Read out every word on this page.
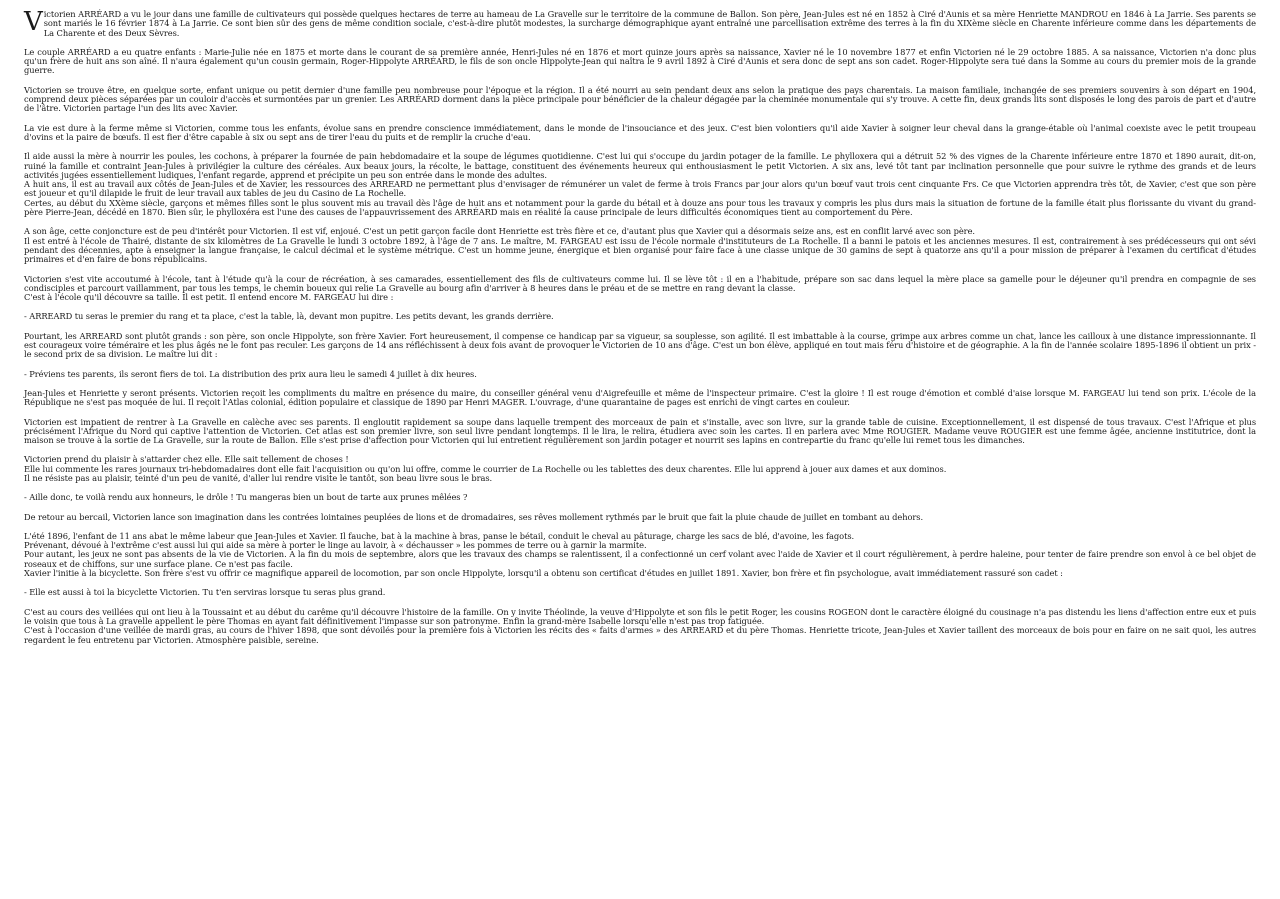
Victorien ARRÉARD a vu le jour dans une famille de cultivateurs qui possède quelques hectares de terre au hameau de La Gravelle sur le territoire de la commune de Ballon. Son père, Jean-Jules est né en 1852 à Ciré d'Aunis et sa mère Henriette MANDROU en 1846 à La Jarrie. Ses parents se sont mariés le 16 février 1874 à La Jarrie. Ce sont bien sûr des gens de même condition sociale, c'est-à-dire plutôt modestes, la surcharge démographique ayant entraîné une parcellisation extrême des terres à la fin du XIXème siècle en Charente inférieure comme dans les départements de La Charente et des Deux Sèvres.

Le couple ARRÉARD a eu quatre enfants : Marie-Julie née en 1875 et morte dans le courant de sa première année, Henri-Jules né en 1876 et mort quinze jours après sa naissance, Xavier né le 10 novembre 1877 et enfin Victorien né le 29 octobre 1885. A sa naissance, Victorien n'a donc plus qu'un frère de huit ans son aîné. Il n'aura également qu'un cousin germain, Roger-Hippolyte ARRÉARD, le fils de son oncle Hippolyte-Jean qui naîtra le 9 avril 1892 à Ciré d'Aunis et sera donc de sept ans son cadet. Roger-Hippolyte sera tué dans la Somme au cours du premier mois de la grande guerre.

Victorien se trouve être, en quelque sorte, enfant unique ou petit dernier d'une famille peu nombreuse pour l'époque et la région. Il a été nourri au sein pendant deux ans selon la pratique des pays charentais. La maison familiale, inchangée de ses premiers souvenirs à son départ en 1904, comprend deux pièces séparées par un couloir d'accès et surmontées par un grenier. Les ARRÉARD dorment dans la pièce principale pour bénéficier de la chaleur dégagée par la cheminée monumentale qui s'y trouve. A cette fin, deux grands lits sont disposés le long des parois de part et d'autre de l'âtre. Victorien partage l'un des lits avec Xavier.

La vie est dure à la ferme même si Victorien, comme tous les enfants, évolue sans en prendre conscience immédiatement, dans le monde de l'insouciance et des jeux. C'est bien volontiers qu'il aide Xavier à soigner leur cheval dans la grange-étable où l'animal coexiste avec le petit troupeau d'ovins et la paire de bœufs. Il est fier d'être capable à six ou sept ans de tirer l'eau du puits et de remplir la cruche d'eau.

Il aide aussi la mère à nourrir les poules, les cochons, à préparer la fournée de pain hebdomadaire et la soupe de légumes quotidienne. C'est lui qui s'occupe du jardin potager de la famille. Le phylloxera qui a détruit 52 % des vignes de la Charente inférieure entre 1870 et 1890 aurait, dit-on, ruiné la famille et contraint Jean-Jules à privilégier la culture des céréales. Aux beaux jours, la récolte, le battage, constituent des événements heureux qui enthousiasment le petit Victorien. A six ans, levé tôt tant par inclination personnelle que pour suivre le rythme des grands et de leurs activités jugées essentiellement ludiques, l'enfant regarde, apprend et précipite un peu son entrée dans le monde des adultes.

A huit ans, il est au travail aux côtés de Jean-Jules et de Xavier, les ressources des ARREARD ne permettant plus d'envisager de rémunérer un valet de ferme à trois Francs par jour alors qu'un bœuf vaut trois cent cinquante Frs. Ce que Victorien apprendra très tôt, de Xavier, c'est que son père est joueur et qu'il dilapide le fruit de leur travail aux tables de jeu du Casino de La Rochelle.

Certes, au début du XXème siècle, garçons et mêmes filles sont le plus souvent mis au travail dès l'âge de huit ans et notamment pour la garde du bétail et à douze ans pour tous les travaux y compris les plus durs mais la situation de fortune de la famille était plus florissante du vivant du grand-père Pierre-Jean, décédé en 1870. Bien sûr, le phylloxéra est l'une des causes de l'appauvrissement des ARRÉARD mais en réalité la cause principale de leurs difficultés économiques tient au comportement du Père.

A son âge, cette conjoncture est de peu d'intérêt pour Victorien. Il est vif, enjoué. C'est un petit garçon facile dont Henriette est très fière et ce, d'autant plus que Xavier qui a désormais seize ans, est en conflit larvé avec son père.

Il est entré à l'école de Thairé, distante de six kilomètres de La Gravelle le lundi 3 octobre 1892, à l'âge de 7 ans. Le maître, M. FARGEAU est issu de l'école normale d'instituteurs de La Rochelle. Il a banni le patois et les anciennes mesures. Il est, contrairement à ses prédécesseurs qui ont sévi pendant des décennies, apte à enseigner la langue française, le calcul décimal et le système métrique. C'est un homme jeune, énergique et bien organisé pour faire face à une classe unique de 30 gamins de sept à quatorze ans qu'il a pour mission de préparer à l'examen du certificat d'études primaires et d'en faire de bons républicains.

Victorien s'est vite accoutumé à l'école, tant à l'étude qu'à la cour de récréation, à ses camarades, essentiellement des fils de cultivateurs comme lui. Il se lève tôt : il en a l'habitude, prépare son sac dans lequel la mère place sa gamelle pour le déjeuner qu'il prendra en compagnie de ses condisciples et parcourt vaillamment, par tous les temps, le chemin boueux qui relie La Gravelle au bourg afin d'arriver à 8 heures dans le préau et de se mettre en rang devant la classe.

C'est à l'école qu'il découvre sa taille. Il est petit. Il entend encore M. FARGEAU lui dire :

- ARREARD tu seras le premier du rang et ta place, c'est la table, là, devant mon pupitre. Les petits devant, les grands derrière.

Pourtant, les ARREARD sont plutôt grands : son père, son oncle Hippolyte, son frère Xavier. Fort heureusement, il compense ce handicap par sa vigueur, sa souplesse, son agilité. Il est imbattable à la course, grimpe aux arbres comme un chat, lance les cailloux à une distance impressionnante. Il est courageux voire téméraire et les plus âgés ne le font pas reculer. Les garçons de 14 ans réfléchissent à deux fois avant de provoquer le Victorien de 10 ans d'âge. C'est un bon élève, appliqué en tout mais féru d'histoire et de géographie. A la fin de l'année scolaire 1895-1896 il obtient un prix - le second prix de sa division. Le maître lui dit :

- Préviens tes parents, ils seront fiers de toi. La distribution des prix aura lieu le samedi 4 juillet à dix heures.

Jean-Jules et Henriette y seront présents. Victorien reçoit les compliments du maître en présence du maire, du conseiller général venu d'Aigrefeuille et même de l'inspecteur primaire. C'est la gloire ! Il est rouge d'émotion et comblé d'aise lorsque M. FARGEAU lui tend son prix. L'école de la République ne s'est pas moquée de lui. Il reçoit l'Atlas colonial, édition populaire et classique de 1890 par Henri MAGER. L'ouvrage, d'une quarantaine de pages est enrichi de vingt cartes en couleur.

Victorien est impatient de rentrer à La Gravelle en calèche avec ses parents. Il engloutit rapidement sa soupe dans laquelle trempent des morceaux de pain et s'installe, avec son livre, sur la grande table de cuisine. Exceptionnellement, il est dispensé de tous travaux. C'est l'Afrique et plus précisément l'Afrique du Nord qui captive l'attention de Victorien. Cet atlas est son premier livre, son seul livre pendant longtemps. Il le lira, le relira, étudiera avec soin les cartes. Il en parlera avec Mme ROUGIER. Madame veuve ROUGIER est une femme âgée, ancienne institutrice, dont la maison se trouve à la sortie de La Gravelle, sur la route de Ballon. Elle s'est prise d'affection pour Victorien qui lui entretient régulièrement son jardin potager et nourrit ses lapins en contrepartie du franc qu'elle lui remet tous les dimanches.

Victorien prend du plaisir à s'attarder chez elle. Elle sait tellement de choses !

Elle lui commente les rares journaux tri-hebdomadaires dont elle fait l'acquisition ou qu'on lui offre, comme le courrier de La Rochelle ou les tablettes des deux charentes. Elle lui apprend à jouer aux dames et aux dominos.

Il ne résiste pas au plaisir, teinté d'un peu de vanité, d'aller lui rendre visite le tantôt, son beau livre sous le bras.

- Aille donc, te voilà rendu aux honneurs, le drôle ! Tu mangeras bien un bout de tarte aux prunes mêlées ?

De retour au bercail, Victorien lance son imagination dans les contrées lointaines peuplées de lions et de dromadaires, ses rêves mollement rythmés par le bruit que fait la pluie chaude de juillet en tombant au dehors.

L'été 1896, l'enfant de 11 ans abat le même labeur que Jean-Jules et Xavier. Il fauche, bat à la machine à bras, panse le bétail, conduit le cheval au pâturage, charge les sacs de blé, d'avoine, les fagots.

Prévenant, dévoué à l'extrême c'est aussi lui qui aide sa mère à porter le linge au lavoir, à « déchausser » les pommes de terre ou à garnir la marmite.

Pour autant, les jeux ne sont pas absents de la vie de Victorien. A la fin du mois de septembre, alors que les travaux des champs se ralentissent, il a confectionné un cerf volant avec l'aide de Xavier et il court régulièrement, à perdre haleine, pour tenter de faire prendre son envol à ce bel objet de roseaux et de chiffons, sur une surface plane. Ce n'est pas facile.

Xavier l'initie à la bicyclette. Son frère s'est vu offrir ce magnifique appareil de locomotion, par son oncle Hippolyte, lorsqu'il a obtenu son certificat d'études en juillet 1891. Xavier, bon frère et fin psychologue, avait immédiatement rassuré son cadet :

- Elle est aussi à toi la bicyclette Victorien. Tu t'en serviras lorsque tu seras plus grand.

C'est au cours des veillées qui ont lieu à la Toussaint et au début du carême qu'il découvre l'histoire de la famille. On y invite Théolinde, la veuve d'Hippolyte et son fils le petit Roger, les cousins ROGEON dont le caractère éloigné du cousinage n'a pas distendu les liens d'affection entre eux et puis le voisin que tous à La gravelle appellent le père Thomas en ayant fait définitivement l'impasse sur son patronyme. Enfin la grand-mère Isabelle lorsqu'elle n'est pas trop fatiguée.

C'est à l'occasion d'une veillée de mardi gras, au cours de l'hiver 1898, que sont dévoilés pour la première fois à Victorien les récits des « faits d'armes » des ARREARD et du père Thomas. Henriette tricote, Jean-Jules et Xavier taillent des morceaux de bois pour en faire on ne sait quoi, les autres regardent le feu entretenu par Victorien. Atmosphère paisible, sereine.
